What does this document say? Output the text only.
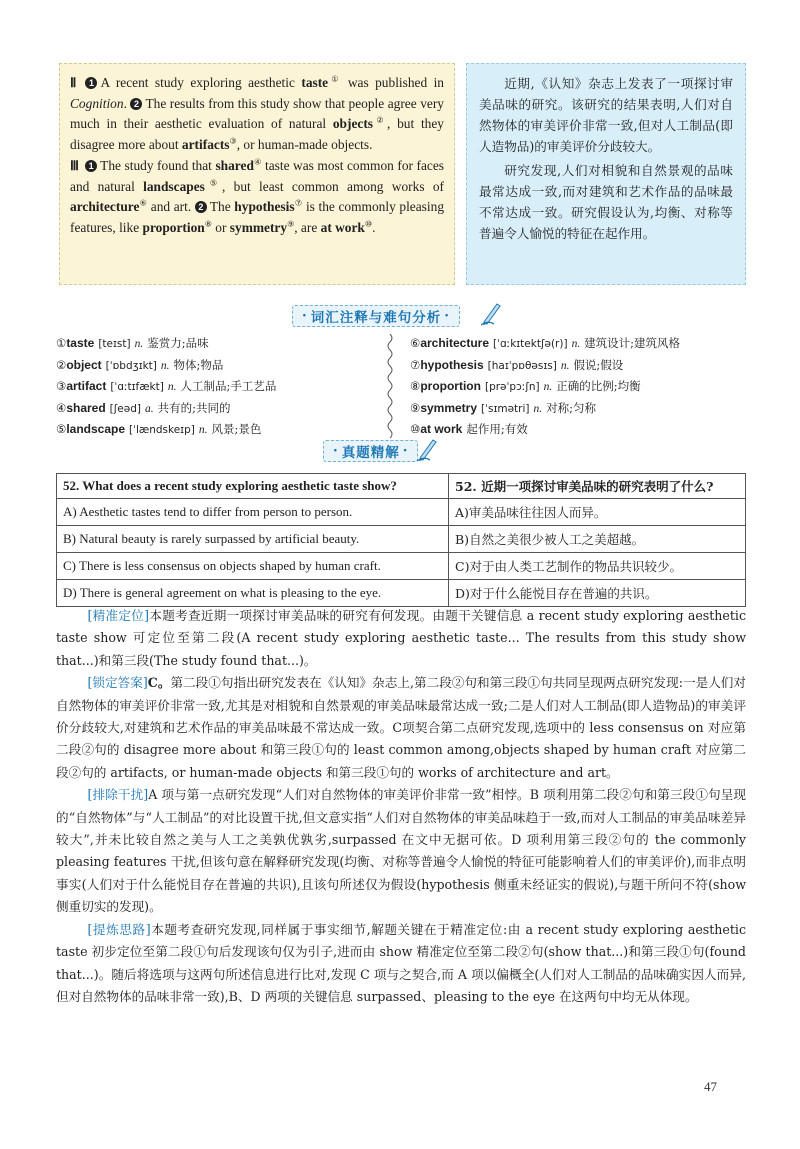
Ⅱ 1 A recent study exploring aesthetic taste① was published in Cognition. 2 The results from this study show that people agree very much in their aesthetic evaluation of natural objects②, but they disagree more about artifacts③, or human-made objects.

Ⅲ 1 The study found that shared④ taste was most common for faces and natural landscapes⑤, but least common among works of architecture⑥ and art. 2 The hypothesis⑦ is the commonly pleasing features, like proportion⑧ or symmetry⑨, are at work⑩.

近期,《认知》杂志上发表了一项探讨审美品味的研究。该研究的结果表明,人们对自然物体的审美评价非常一致,但对人工制品(即人造物品)的审美评价分歧较大。

研究发现,人们对相貌和自然景观的品味最常达成一致,而对建筑和艺术作品的品味最不常达成一致。研究假设认为,均衡、对称等普遍令人愉悦的特征在起作用。

· 词汇注释与难句分析 ·
①taste [teɪst] n. 鉴赏力;品味
②object [ˈɒbdʒɪkt] n. 物体;物品
③artifact [ˈɑːtɪfækt] n. 人工制品;手工艺品
④shared [ʃeəd] a. 共有的;共同的
⑤landscape [ˈlændskeɪp] n. 风景;景色
⑥architecture [ˈɑːkɪtektʃə(r)] n. 建筑设计;建筑风格
⑦hypothesis [haɪˈpɒθəsɪs] n. 假说;假设
⑧proportion [prəˈpɔːʃn] n. 正确的比例;均衡
⑨symmetry [ˈsɪmətri] n. 对称;匀称
⑩at work 起作用;有效
· 真题精解 ·
52. What does a recent study exploring aesthetic taste show?	52. 近期一项探讨审美品味的研究表明了什么?
A) Aesthetic tastes tend to differ from person to person.	A)审美品味往往因人而异。
B) Natural beauty is rarely surpassed by artificial beauty.	B)自然之美很少被人工之美超越。
C) There is less consensus on objects shaped by human craft.	C)对于由人类工艺制作的物品共识较少。
D) There is general agreement on what is pleasing to the eye.	D)对于什么能悦目存在普遍的共识。

[精准定位]本题考查近期一项探讨审美品味的研究有何发现。由题干关键信息 a recent study exploring aesthetic taste show 可定位至第二段(A recent study exploring aesthetic taste... The results from this study show that...)和第三段(The study found that...)。

[锁定答案]C。第二段①句指出研究发表在《认知》杂志上,第二段②句和第三段①句共同呈现两点研究发现:一是人们对自然物体的审美评价非常一致,尤其是对相貌和自然景观的审美品味最常达成一致;二是人们对人工制品(即人造物品)的审美评价分歧较大,对建筑和艺术作品的审美品味最不常达成一致。C项契合第二点研究发现,选项中的 less consensus on 对应第二段②句的 disagree more about 和第三段①句的 least common among,objects shaped by human craft 对应第二段②句的 artifacts, or human-made objects 和第三段①句的 works of architecture and art。

[排除干扰]A 项与第一点研究发现“人们对自然物体的审美评价非常一致”相悖。B 项利用第二段②句和第三段①句呈现的“自然物体”与“人工制品”的对比设置干扰,但文意实指“人们对自然物体的审美品味趋于一致,而对人工制品的审美品味差异较大”,并未比较自然之美与人工之美孰优孰劣,surpassed 在文中无据可依。D 项利用第三段②句的 the commonly pleasing features 干扰,但该句意在解释研究发现(均衡、对称等普遍令人愉悦的特征可能影响着人们的审美评价),而非点明事实(人们对于什么能悦目存在普遍的共识),且该句所述仅为假设(hypothesis 侧重未经证实的假说),与题干所问不符(show 侧重切实的发现)。

[提炼思路]本题考查研究发现,同样属于事实细节,解题关键在于精准定位:由 a recent study exploring aesthetic taste 初步定位至第二段①句后发现该句仅为引子,进而由 show 精准定位至第二段②句(show that...)和第三段①句(found that...)。随后将选项与这两句所述信息进行比对,发现 C 项与之契合,而 A 项以偏概全(人们对人工制品的品味确实因人而异,但对自然物体的品味非常一致),B、D 两项的关键信息 surpassed、pleasing to the eye 在这两句中均无从体现。

47
